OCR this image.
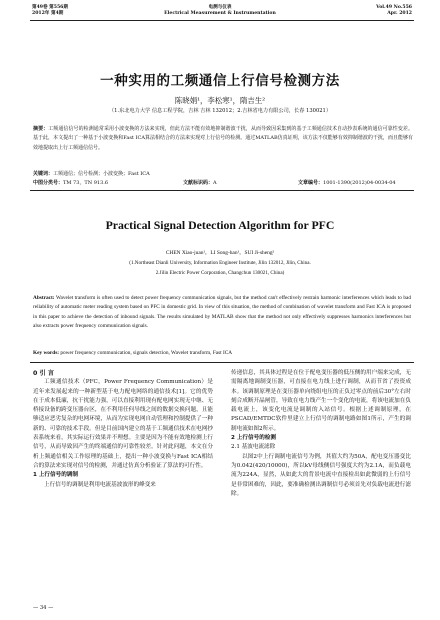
第49卷 第556期
2012年 第4期
电测与仪表
Electrical Measurement & Instrumentation
Vol.49 No.556
Apr. 2012
一种实用的工频通信上行信号检测方法
陈晓娟¹，李松寒¹，隋吉生²
（1.东北电力大学 信息工程学院，吉林 吉林 132012；2.吉林省电力有限公司，长春 130021）
摘要：工频通信信号的检测通常采用小波变换的方法来实现，但此方法不能有效地抑制谐波干扰，从而导致因采集到的基于工频通信技术自动抄表系统的通信可靠性变差。基于此，本文提出了一种基于小波变换和Fast ICA算法相结合的方法来实现对上行信号的检测。通过MATLAB仿真证明，该方法不仅能够有效抑制谐波的干扰，而且能够有效地提取出上行工频通信信号。
关键词：工频通信；信号检测；小波变换；Fast ICA
中图分类号：TM 73，TN 913.6	文献标识码：A	文章编号：1001-1390(2012)04-0034-04
Practical Signal Detection Algorithm for PFC
CHEN Xiao-juan¹，LI Song-han¹，SUI Ji-sheng²
(1.Northeast Dianli University, Information Engineer Institute, Jilin 132012, Jilin, China.
2.Jilin Electric Power Corporation, Changchun 130021, China)
Abstract: Wavelet transform is often used to detect power frequency communication signals, but the method can't effectively restrain harmonic interferences which leads to bad reliability of automatic meter reading system based on PFC in domestic grid. In view of this situation, the method of combination of wavelet transform and Fast ICA is proposed in this paper to achieve the detection of inbound signals. The results simulated by MATLAB show that the method not only effectively suppresses harmonics interferences but also extracts power frequency communication signals.
Key words: power frequency communication, signals detection, Wavelet transform, Fast ICA
0 引 言

工频通信技术（PFC，Power Frequency Communication）是近年来发展起来的一种新型基于电力配电网络的通信技术[1]。它的优势在于成本低廉，抗干扰能力强，可以直接利用现有配电网实现无中继、无桥接设备的跨变压器台区，在不利用任何导线之间的数据交换问题，且能够适应恶劣复杂的电网环境，从而为实现电网自动管理和控制提供了一种新的、可靠的技术手段。但是目前国内建立的基于工频通信技术在电网抄表系统来看，其实际运行效果并不理想。主要是因为不能有效地检测上行信号，从而导致因产生的终端通信的可靠性较差。针对此问题，本文在分析上频通信相关工作原理的基础上，提出一种小波变换与Fast ICA相结合的算法来实现对信号的检测，并通过仿真分析验证了算法的可行性。

1 上行信号的调制

上行信号的调制是利用电流基波波形的峰变来

传递信息，其具体过程是在位于配电变压器的低压侧的用户端来完成，无需隔离地调制变压器，可直接在电力线上进行调制，从而节省了投资成本。该调制原理是在变压器单向绕组电压的正负过零点的前后30°左右时刻合成断开晶闸管，导致在电力线产生一个变化的电流，将该电流加在负载电流上，该变化电流是调制的入站信号。根据上述调制原理，在PSCAD/EMTDC软件里建立上行信号的调制电路如图1所示，产生的调制电流如图2所示。

2 上行信号的检测
2.1 基波电流滤除

以图2中上行调制电流信号为例，其值大约为50A，配电变压器变比为0.042(420/10000)，所以kV母线侧信号强度大约为2.1A，而负载电流为224A，显然，从如此大的背景电流中直接检出如此微弱的上行信号是非常困难的，因此，要准确检测出调制信号必须首先对负载电流进行滤除。

— 34 —
